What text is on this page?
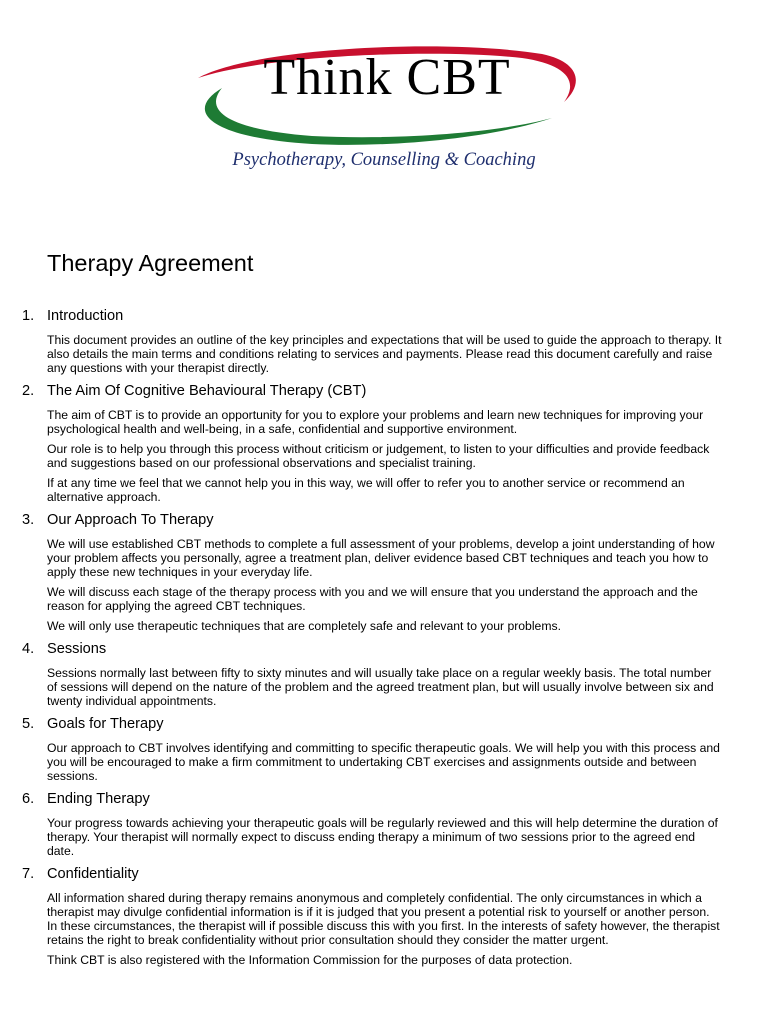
Think CBT
Psychotherapy, Counselling & Coaching
Therapy Agreement
1. Introduction

This document provides an outline of the key principles and expectations that will be used to guide the approach to therapy. It also details the main terms and conditions relating to services and payments. Please read this document carefully and raise any questions with your therapist directly.

2. The Aim Of Cognitive Behavioural Therapy (CBT)

The aim of CBT is to provide an opportunity for you to explore your problems and learn new techniques for improving your psychological health and well-being, in a safe, confidential and supportive environment.

Our role is to help you through this process without criticism or judgement, to listen to your difficulties and provide feedback and suggestions based on our professional observations and specialist training.

If at any time we feel that we cannot help you in this way, we will offer to refer you to another service or recommend an alternative approach.

3. Our Approach To Therapy

We will use established CBT methods to complete a full assessment of your problems, develop a joint understanding of how your problem affects you personally, agree a treatment plan, deliver evidence based CBT techniques and teach you how to apply these new techniques in your everyday life.

We will discuss each stage of the therapy process with you and we will ensure that you understand the approach and the reason for applying the agreed CBT techniques.

We will only use therapeutic techniques that are completely safe and relevant to your problems.

4. Sessions

Sessions normally last between fifty to sixty minutes and will usually take place on a regular weekly basis. The total number of sessions will depend on the nature of the problem and the agreed treatment plan, but will usually involve between six and twenty individual appointments.

5. Goals for Therapy

Our approach to CBT involves identifying and committing to specific therapeutic goals. We will help you with this process and you will be encouraged to make a firm commitment to undertaking CBT exercises and assignments outside and between sessions.

6. Ending Therapy

Your progress towards achieving your therapeutic goals will be regularly reviewed and this will help determine the duration of therapy. Your therapist will normally expect to discuss ending therapy a minimum of two sessions prior to the agreed end date.

7. Confidentiality

All information shared during therapy remains anonymous and completely confidential. The only circumstances in which a therapist may divulge confidential information is if it is judged that you present a potential risk to yourself or another person. In these circumstances, the therapist will if possible discuss this with you first. In the interests of safety however, the therapist retains the right to break confidentiality without prior consultation should they consider the matter urgent.

Think CBT is also registered with the Information Commission for the purposes of data protection.
